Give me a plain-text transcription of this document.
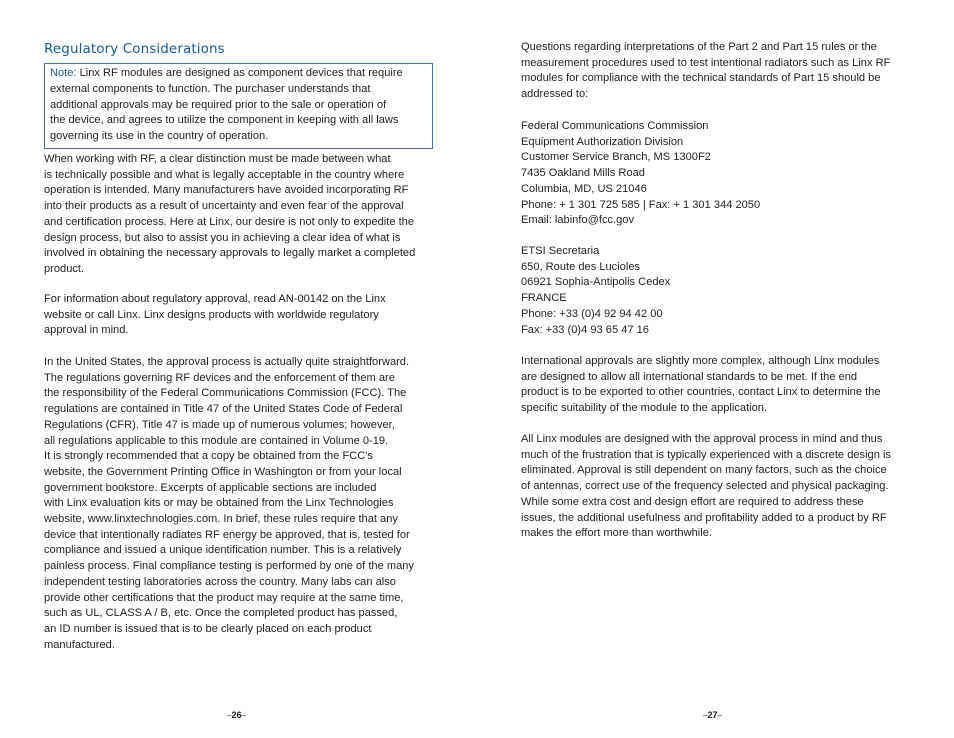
Regulatory Considerations
Note: Linx RF modules are designed as component devices that require
external components to function. The purchaser understands that
additional approvals may be required prior to the sale or operation of
the device, and agrees to utilize the component in keeping with all laws
governing its use in the country of operation.

When working with RF, a clear distinction must be made between what

is technically possible and what is legally acceptable in the country where

operation is intended. Many manufacturers have avoided incorporating RF

into their products as a result of uncertainty and even fear of the approval

and certification process. Here at Linx, our desire is not only to expedite the

design process, but also to assist you in achieving a clear idea of what is

involved in obtaining the necessary approvals to legally market a completed

product.

For information about regulatory approval, read AN-00142 on the Linx

website or call Linx. Linx designs products with worldwide regulatory

approval in mind.

In the United States, the approval process is actually quite straightforward.

The regulations governing RF devices and the enforcement of them are

the responsibility of the Federal Communications Commission (FCC). The

regulations are contained in Title 47 of the United States Code of Federal

Regulations (CFR). Title 47 is made up of numerous volumes; however,

all regulations applicable to this module are contained in Volume 0-19.

It is strongly recommended that a copy be obtained from the FCC's

website, the Government Printing Office in Washington or from your local

government bookstore. Excerpts of applicable sections are included

with Linx evaluation kits or may be obtained from the Linx Technologies

website, www.linxtechnologies.com. In brief, these rules require that any

device that intentionally radiates RF energy be approved, that is, tested for

compliance and issued a unique identification number. This is a relatively

painless process. Final compliance testing is performed by one of the many

independent testing laboratories across the country. Many labs can also

provide other certifications that the product may require at the same time,

such as UL, CLASS A / B, etc. Once the completed product has passed,

an ID number is issued that is to be clearly placed on each product

manufactured.

–26–

Questions regarding interpretations of the Part 2 and Part 15 rules or the

measurement procedures used to test intentional radiators such as Linx RF

modules for compliance with the technical standards of Part 15 should be

addressed to:

Federal Communications Commission

Equipment Authorization Division

Customer Service Branch, MS 1300F2

7435 Oakland Mills Road

Columbia, MD, US 21046

Phone: + 1 301 725 585 | Fax: + 1 301 344 2050

Email: labinfo@fcc.gov

ETSI Secretaria

650, Route des Lucioles

06921 Sophia-Antipolis Cedex

FRANCE

Phone: +33 (0)4 92 94 42 00

Fax: +33 (0)4 93 65 47 16

International approvals are slightly more complex, although Linx modules

are designed to allow all international standards to be met. If the end

product is to be exported to other countries, contact Linx to determine the

specific suitability of the module to the application.

All Linx modules are designed with the approval process in mind and thus

much of the frustration that is typically experienced with a discrete design is

eliminated. Approval is still dependent on many factors, such as the choice

of antennas, correct use of the frequency selected and physical packaging.

While some extra cost and design effort are required to address these

issues, the additional usefulness and profitability added to a product by RF

makes the effort more than worthwhile.

–27–
